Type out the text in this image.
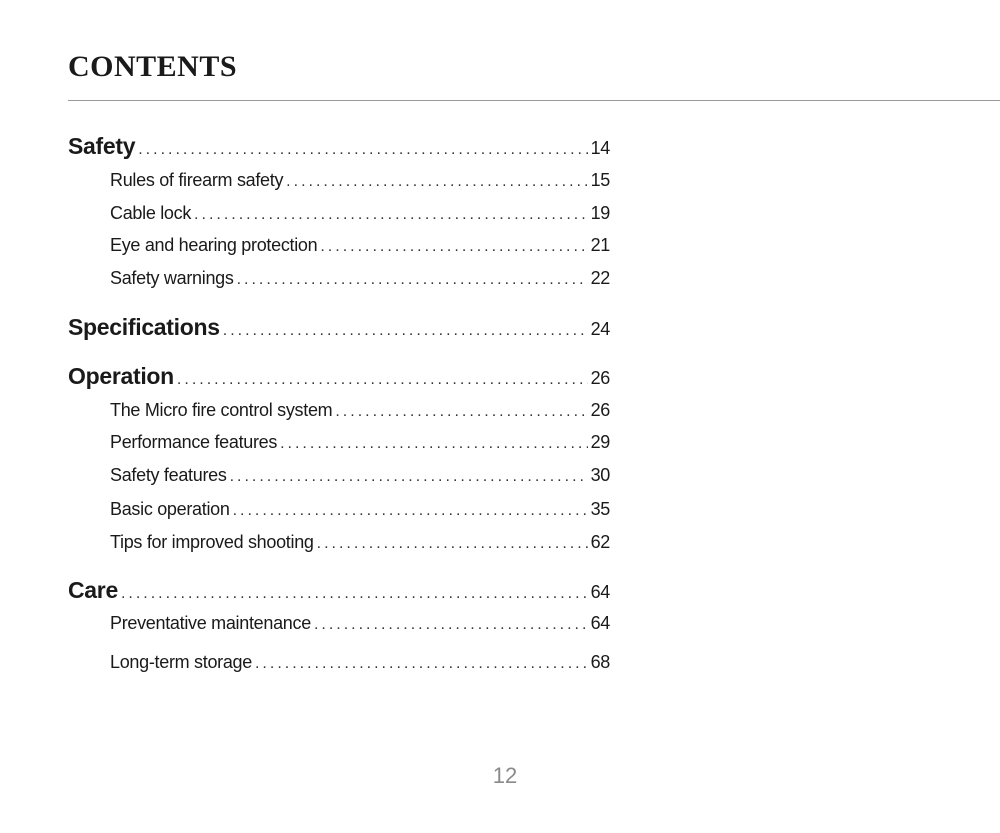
CONTENTS
Safety .....	14
Rules of firearm safety .....	15
Cable lock .....	19
Eye and hearing protection .....	21
Safety warnings .....	22
Specifications .....	24
Operation .....	26
The Micro fire control system .....	26
Performance features .....	29
Safety features .....	30
Basic operation .....	35
Tips for improved shooting .....	62
Care .....	64
Preventative maintenance .....	64
Long-term storage .....	68
12
